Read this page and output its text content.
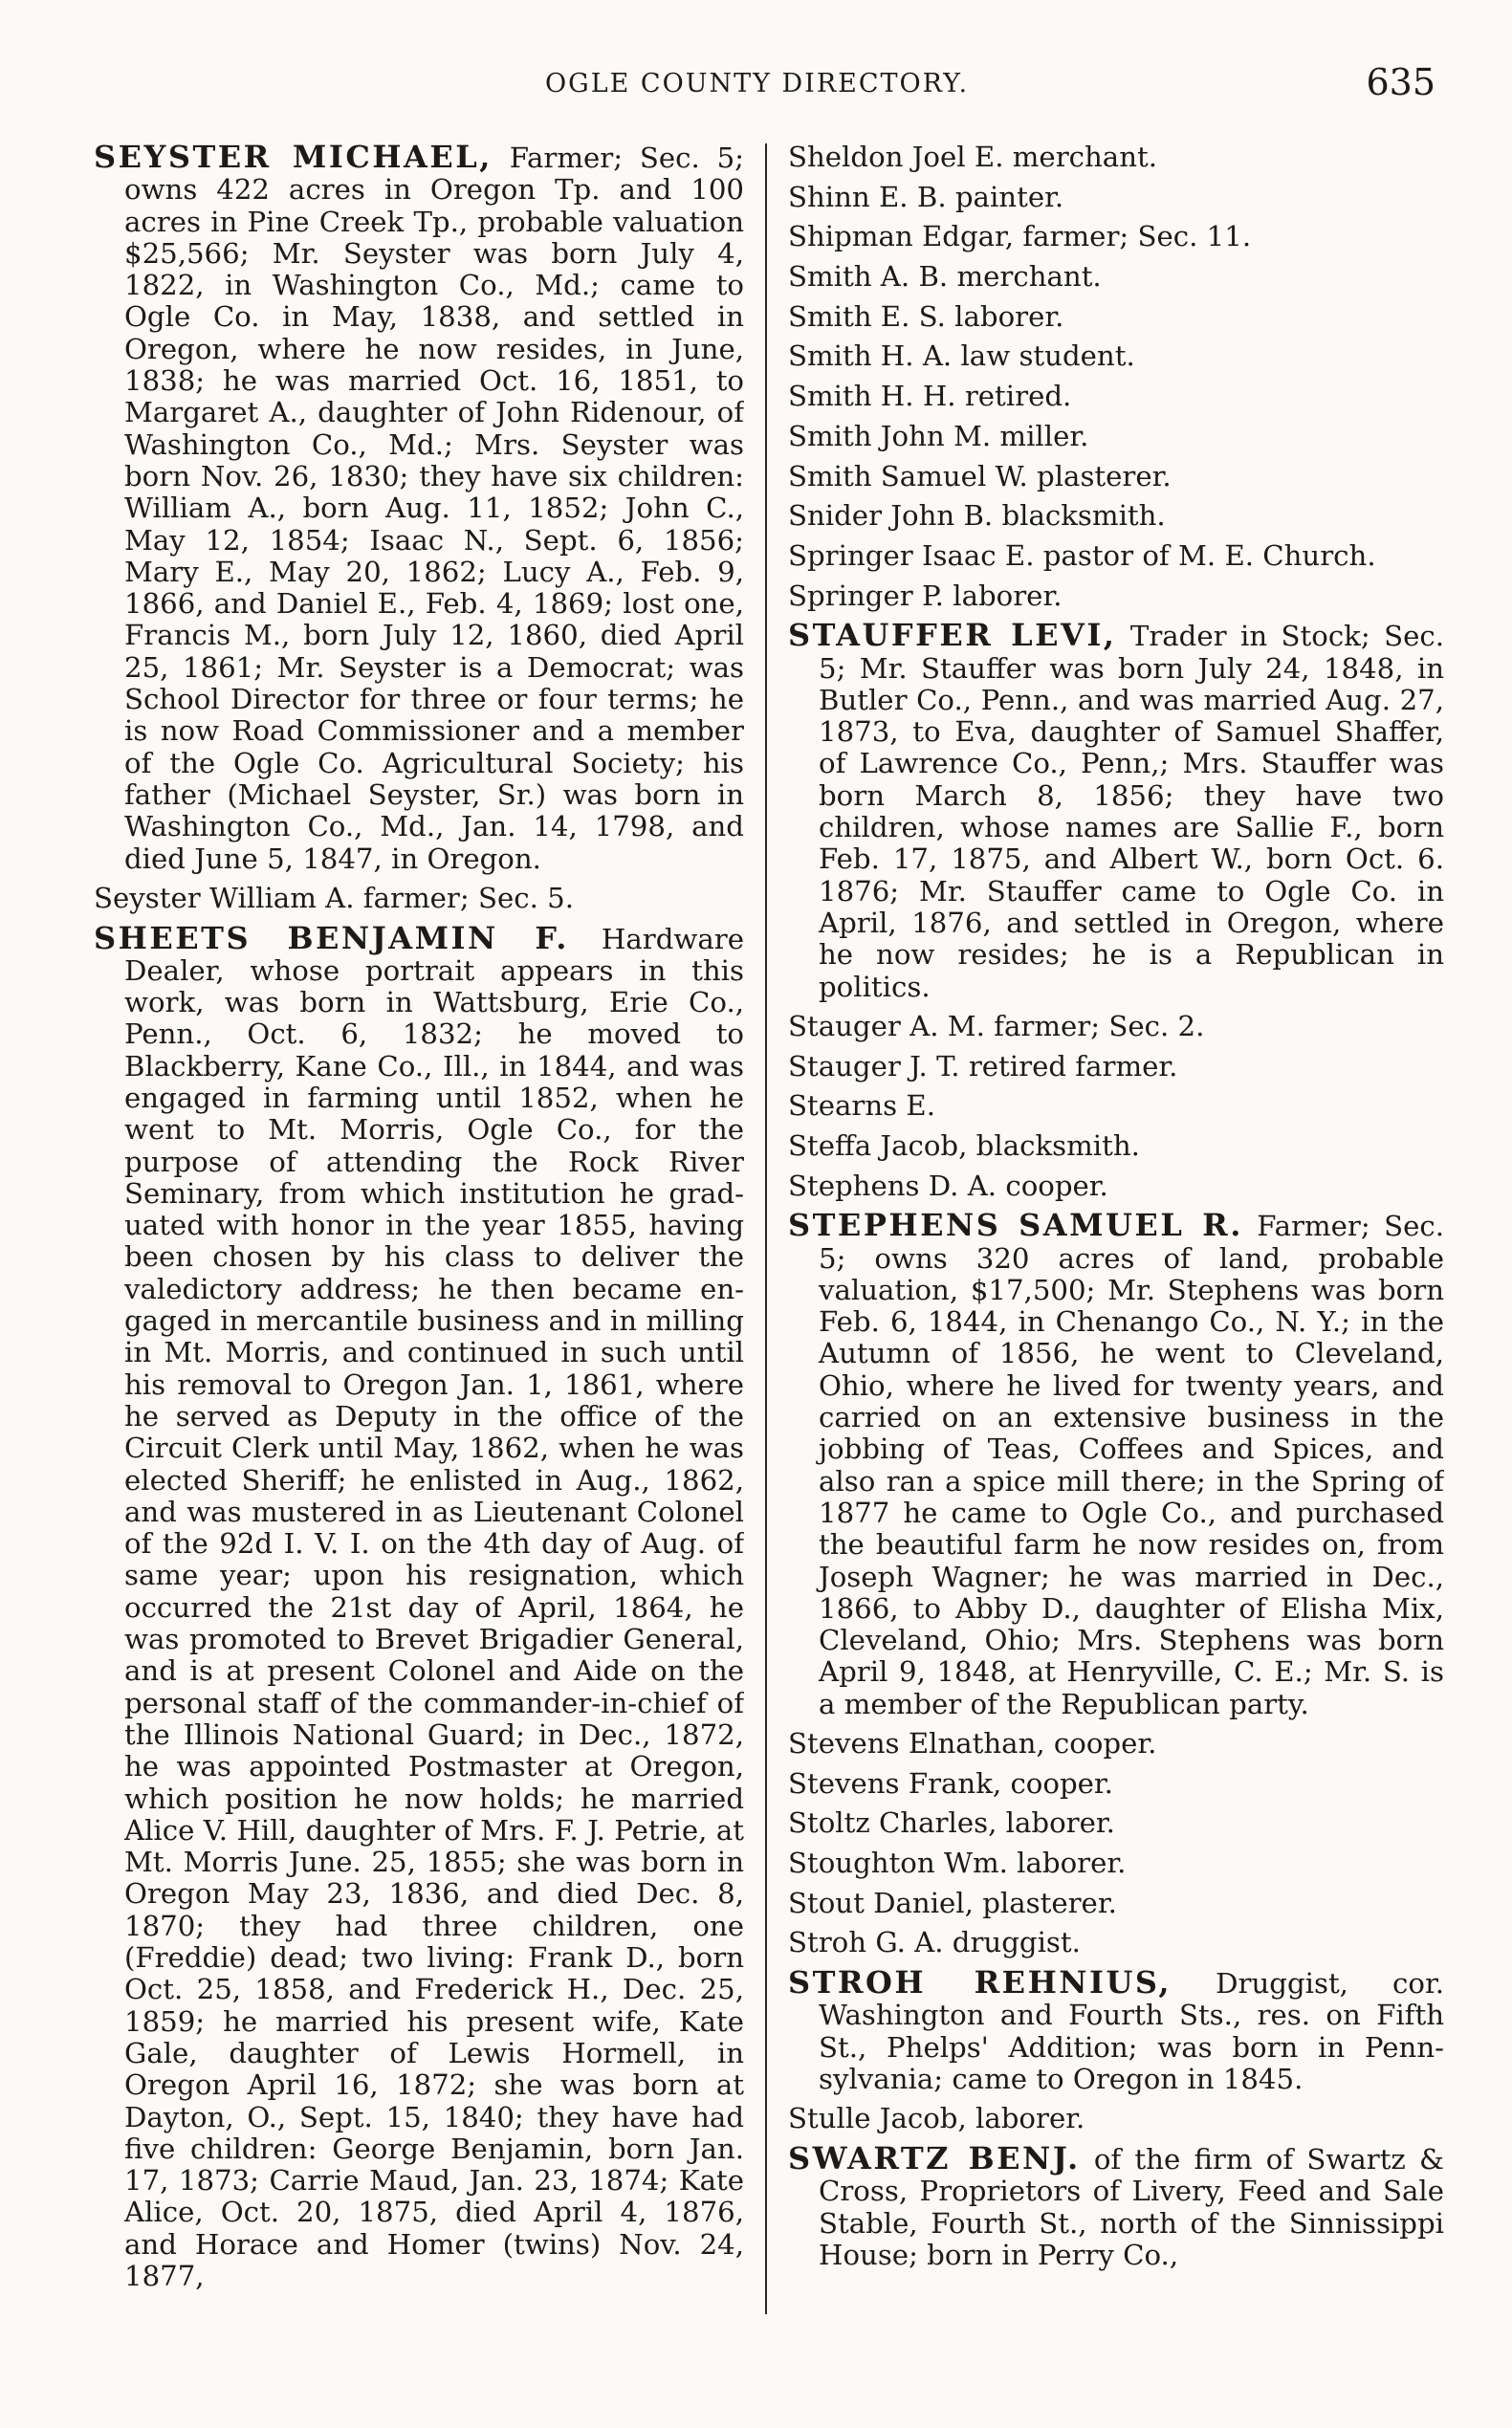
OGLE COUNTY DIRECTORY.	635

SEYSTER MICHAEL, Farmer; Sec. 5; owns 422 acres in Oregon Tp. and 100 acres in Pine Creek Tp., probable valuation $25,566; Mr. Seyster was born July 4, 1822, in Washington Co., Md.; came to Ogle Co. in May, 1838, and settled in Oregon, where he now resides, in June, 1838; he was married Oct. 16, 1851, to Margaret A., daughter of John Ridenour, of Washington Co., Md.; Mrs. Seyster was born Nov. 26, 1830; they have six children: William A., born Aug. 11, 1852; John C., May 12, 1854; Isaac N., Sept. 6, 1856; Mary E., May 20, 1862; Lucy A., Feb. 9, 1866, and Daniel E., Feb. 4, 1869; lost one, Francis M., born July 12, 1860, died April 25, 1861; Mr. Seyster is a Democrat; was School Director for three or four terms; he is now Road Commissioner and a member of the Ogle Co. Agricultural Society; his father (Michael Seyster, Sr.) was born in Washington Co., Md., Jan. 14, 1798, and died June 5, 1847, in Oregon.

Seyster William A. farmer; Sec. 5.

SHEETS BENJAMIN F. Hardware Dealer, whose portrait appears in this work, was born in Wattsburg, Erie Co., Penn., Oct. 6, 1832; he moved to Blackberry, Kane Co., Ill., in 1844, and was engaged in farming until 1852, when he went to Mt. Morris, Ogle Co., for the purpose of attending the Rock River Seminary, from which institution he graduated with honor in the year 1855, having been chosen by his class to deliver the valedictory address; he then became engaged in mercantile business and in milling in Mt. Morris, and continued in such until his removal to Oregon Jan. 1, 1861, where he served as Deputy in the office of the Circuit Clerk until May, 1862, when he was elected Sheriff; he enlisted in Aug., 1862, and was mustered in as Lieutenant Colonel of the 92d I. V. I. on the 4th day of Aug. of same year; upon his resignation, which occurred the 21st day of April, 1864, he was promoted to Brevet Brigadier General, and is at present Colonel and Aide on the personal staff of the commander-in-chief of the Illinois National Guard; in Dec., 1872, he was appointed Postmaster at Oregon, which position he now holds; he married Alice V. Hill, daughter of Mrs. F. J. Petrie, at Mt. Morris June. 25, 1855; she was born in Oregon May 23, 1836, and died Dec. 8, 1870; they had three children, one (Freddie) dead; two living: Frank D., born Oct. 25, 1858, and Frederick H., Dec. 25, 1859; he married his present wife, Kate Gale, daughter of Lewis Hormell, in Oregon April 16, 1872; she was born at Dayton, O., Sept. 15, 1840; they have had five children: George Benjamin, born Jan. 17, 1873; Carrie Maud, Jan. 23, 1874; Kate Alice, Oct. 20, 1875, died April 4, 1876, and Horace and Homer (twins) Nov. 24, 1877,

Sheldon Joel E. merchant.

Shinn E. B. painter.

Shipman Edgar, farmer; Sec. 11.

Smith A. B. merchant.

Smith E. S. laborer.

Smith H. A. law student.

Smith H. H. retired.

Smith John M. miller.

Smith Samuel W. plasterer.

Snider John B. blacksmith.

Springer Isaac E. pastor of M. E. Church.

Springer P. laborer.

STAUFFER LEVI, Trader in Stock; Sec. 5; Mr. Stauffer was born July 24, 1848, in Butler Co., Penn., and was married Aug. 27, 1873, to Eva, daughter of Samuel Shaffer, of Lawrence Co., Penn,; Mrs. Stauffer was born March 8, 1856; they have two children, whose names are Sallie F., born Feb. 17, 1875, and Albert W., born Oct. 6. 1876; Mr. Stauffer came to Ogle Co. in April, 1876, and settled in Oregon, where he now resides; he is a Republican in politics.

Stauger A. M. farmer; Sec. 2.

Stauger J. T. retired farmer.

Stearns E.

Steffa Jacob, blacksmith.

Stephens D. A. cooper.

STEPHENS SAMUEL R. Farmer; Sec. 5; owns 320 acres of land, probable valuation, $17,500; Mr. Stephens was born Feb. 6, 1844, in Chenango Co., N. Y.; in the Autumn of 1856, he went to Cleveland, Ohio, where he lived for twenty years, and carried on an extensive business in the jobbing of Teas, Coffees and Spices, and also ran a spice mill there; in the Spring of 1877 he came to Ogle Co., and purchased the beautiful farm he now resides on, from Joseph Wagner; he was married in Dec., 1866, to Abby D., daughter of Elisha Mix, Cleveland, Ohio; Mrs. Stephens was born April 9, 1848, at Henryville, C. E.; Mr. S. is a member of the Republican party.

Stevens Elnathan, cooper.

Stevens Frank, cooper.

Stoltz Charles, laborer.

Stoughton Wm. laborer.

Stout Daniel, plasterer.

Stroh G. A. druggist.

STROH REHNIUS, Druggist, cor. Washington and Fourth Sts., res. on Fifth St., Phelps' Addition; was born in Pennsylvania; came to Oregon in 1845.

Stulle Jacob, laborer.

SWARTZ BENJ. of the firm of Swartz & Cross, Proprietors of Livery, Feed and Sale Stable, Fourth St., north of the Sinnissippi House; born in Perry Co.,
